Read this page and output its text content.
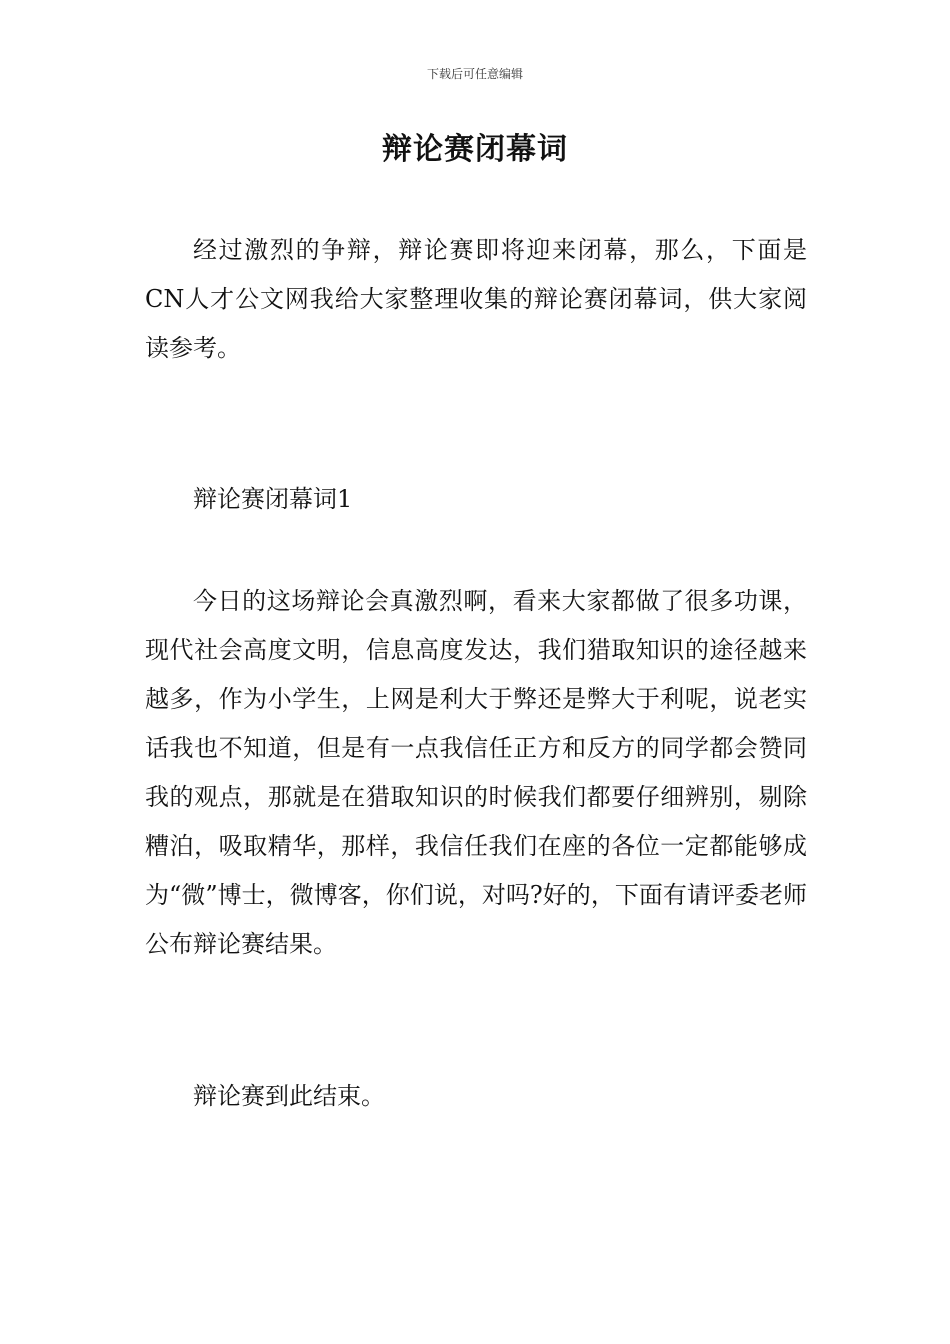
下载后可任意编辑
辩论赛闭幕词

经过激烈的争辩，辩论赛即将迎来闭幕，那么，下面是CN人才公文网我给大家整理收集的辩论赛闭幕词，供大家阅读参考。

辩论赛闭幕词1

今日的这场辩论会真激烈啊，看来大家都做了很多功课，现代社会高度文明，信息高度发达，我们猎取知识的途径越来越多，作为小学生，上网是利大于弊还是弊大于利呢，说老实话我也不知道，但是有一点我信任正方和反方的同学都会赞同我的观点，那就是在猎取知识的时候我们都要仔细辨别，剔除糟泊，吸取精华，那样，我信任我们在座的各位一定都能够成为“微”博士，微博客，你们说，对吗?好的，下面有请评委老师公布辩论赛结果。

辩论赛到此结束。
